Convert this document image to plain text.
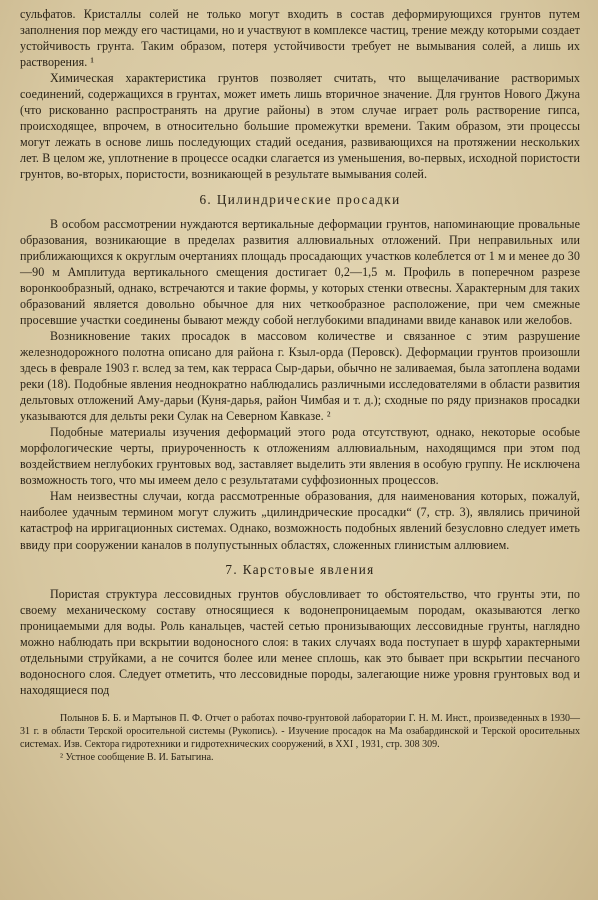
сульфатов. Кристаллы солей не только могут входить в состав деформирующихся грунтов путем заполнения пор между его частицами, но и участвуют в комплексе частиц, трение между которыми создает устойчивость грунта. Таким образом, потеря устойчивости требует не вымывания солей, а лишь их растворения. ¹

Химическая характеристика грунтов позволяет считать, что выщелачивание растворимых соединений, содержащихся в грунтах, может иметь лишь вторичное значение. Для грунтов Нового Джуна (что рискованно распространять на другие районы) в этом случае играет роль растворение гипса, происходящее, впрочем, в относительно большие промежутки времени. Таким образом, эти процессы могут лежать в основе лишь последующих стадий оседания, развивающихся на протяжении нескольких лет. В целом же, уплотнение в процессе осадки слагается из уменьшения, во-первых, исходной пористости грунтов, во-вторых, пористости, возникающей в результате вымывания солей.

6. Цилиндрические просадки

В особом рассмотрении нуждаются вертикальные деформации грунтов, напоминающие провальные образования, возникающие в пределах развития аллювиальных отложений. При неправильных или приближающихся к округлым очертаниях площадь просадающих участков колеблется от 1 м и менее до 30—90 м Амплитуда вертикального смещения достигает 0,2—1,5 м. Профиль в поперечном разрезе воронкообразный, однако, встречаются и такие формы, у которых стенки отвесны. Характерным для таких образований является довольно обычное для них четкообразное расположение, при чем смежные просевшие участки соединены бывают между собой неглубокими впадинами ввиде канавок или желобов.

Возникновение таких просадок в массовом количестве и связанное с этим разрушение железнодорожного полотна описано для района г. Кзыл-орда (Перовск). Деформации грунтов произошли здесь в феврале 1903 г. вслед за тем, как терраса Сыр-дарьи, обычно не заливаемая, была затоплена водами реки (18). Подобные явления неоднократно наблюдались различными исследователями в области развития дельтовых отложений Аму-дарьи (Куня-дарья, район Чимбая и т. д.); сходные по ряду признаков просадки указываются для дельты реки Сулак на Северном Кавказе. ²

Подобные материалы изучения деформаций этого рода отсутствуют, однако, некоторые особые морфологические черты, приуроченность к отложениям аллювиальным, находящимся при этом под воздействием неглубоких грунтовых вод, заставляет выделить эти явления в особую группу. Не исключена возможность того, что мы имеем дело с результатами суффозионных процессов.

Нам неизвестны случаи, когда рассмотренные образования, для наименования которых, пожалуй, наиболее удачным термином могут служить „цилиндрические просадки“ (7, стр. 3), являлись причиной катастроф на ирригационных системах. Однако, возможность подобных явлений безусловно следует иметь ввиду при сооружении каналов в полупустынных областях, сложенных глинистым аллювием.

7. Карстовые явления

Пористая структура лессовидных грунтов обусловливает то обстоятельство, что грунты эти, по своему механическому составу относящиеся к водонепроницаемым породам, оказываются легко проницаемыми для воды. Роль канальцев, частей сетью пронизывающих лессовидные грунты, наглядно можно наблюдать при вскрытии водоносного слоя: в таких случаях вода поступает в шурф характерными отдельными струйками, а не сочится более или менее сплошь, как это бывает при вскрытии песчаного водоносного слоя. Следует отметить, что лессовидные породы, залегающие ниже уровня грунтовых вод и находящиеся под

Полынов Б. Б. и Мартынов П. Ф. Отчет о работах почво-грунтовой лаборатории Г. Н. М. Инст., произведенных в 1930—31 г. в области Терской оросительной системы (Рукопись). - Изучение просадок на Ма озабардинской и Терской оросительных системах. Изв. Сектора гидротехники и гидротехнических сооружений, в XXI , 1931, стр. 308 309.

² Устное сообщение В. И. Батыгина.
